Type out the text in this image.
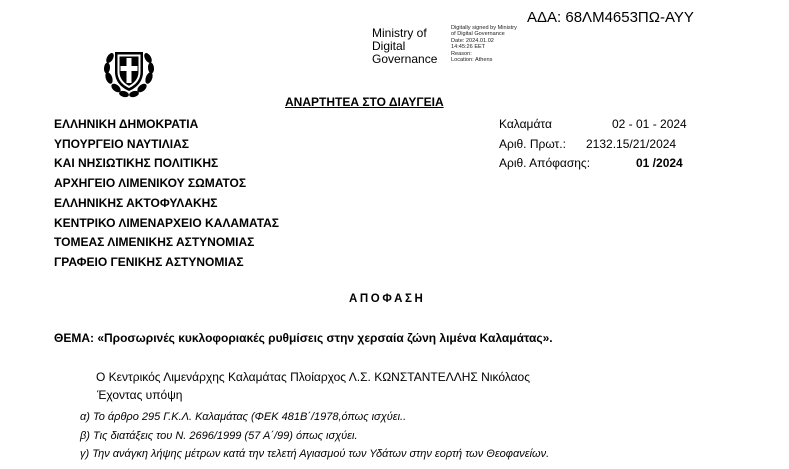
ΑΔΑ: 68ΛΜ4653ΠΩ-ΑΥΥ
Ministry of
Digital
Governance
Digitally signed by Ministry
of Digital Governance
Date: 2024.01.02
14:45:26 EET
Reason:
Location: Athens
ΑΝΑΡΤΗΤΕΑ ΣΤΟ ΔΙΑΥΓΕΙΑ
ΕΛΛΗΝΙΚΗ ΔΗΜΟΚΡΑΤΙΑ
ΥΠΟΥΡΓΕΙΟ ΝΑΥΤΙΛΙΑΣ
ΚΑΙ ΝΗΣΙΩΤΙΚΗΣ ΠΟΛΙΤΙΚΗΣ
ΑΡΧΗΓΕΙΟ ΛΙΜΕΝΙΚΟΥ ΣΩΜΑΤΟΣ
ΕΛΛΗΝΙΚΗΣ ΑΚΤΟΦΥΛΑΚΗΣ
ΚΕΝΤΡΙΚΟ ΛΙΜΕΝΑΡΧΕΙΟ ΚΑΛΑΜΑΤΑΣ
ΤΟΜΕΑΣ ΛΙΜΕΝΙΚΗΣ ΑΣΤΥΝΟΜΙΑΣ
ΓΡΑΦΕΙΟ ΓΕΝΙΚΗΣ ΑΣΤΥΝΟΜΙΑΣ
Καλαμάτα	02 - 01 - 2024
Αριθ. Πρωτ.: 2132.15/21/2024
Αριθ. Απόφασης:	01 /2024
ΑΠΟΦΑΣΗ
ΘΕΜΑ: «Προσωρινές κυκλοφοριακές ρυθμίσεις στην χερσαία ζώνη λιμένα Καλαμάτας».
Ο Κεντρικός Λιμενάρχης Καλαμάτας Πλοίαρχος Λ.Σ. ΚΩΝΣΤΑΝΤΕΛΛΗΣ Νικόλαος
Έχοντας υπόψη
α) Το άρθρο 295 Γ.Κ.Λ. Καλαμάτας (ΦΕΚ 481Β΄/1978,όπως ισχύει..
β) Τις διατάξεις του Ν. 2696/1999 (57 Α΄/99) όπως ισχύει.
γ) Την ανάγκη λήψης μέτρων κατά την τελετή Αγιασμού των Υδάτων στην εορτή των Θεοφανείων.
